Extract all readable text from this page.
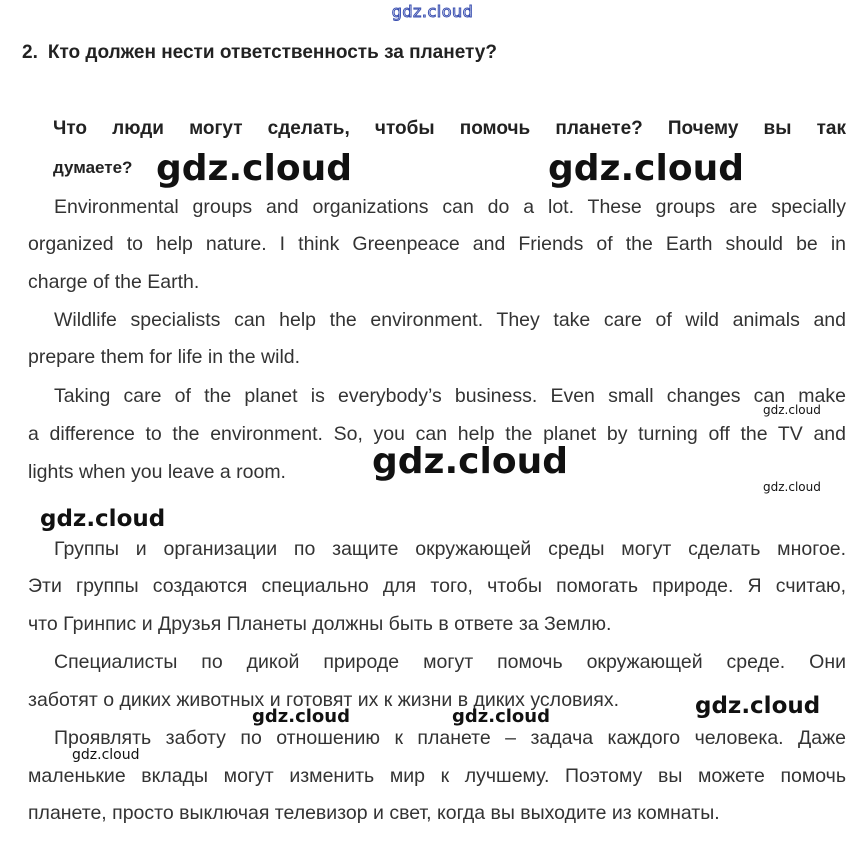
gdz.cloud
2. Кто должен нести ответственность за планету?
Что люди могут сделать, чтобы помочь планете? Почему вы так
думаете?
Environmental groups and organizations can do a lot. These groups are specially
organized to help nature. I think Greenpeace and Friends of the Earth should be in
charge of the Earth.
Wildlife specialists can help the environment. They take care of wild animals and
prepare them for life in the wild.
Taking care of the planet is everybody’s business. Even small changes can make
a difference to the environment. So, you can help the planet by turning off the TV and
lights when you leave a room.
Группы и организации по защите окружающей среды могут сделать многое.
Эти группы создаются специально для того, чтобы помогать природе. Я считаю,
что Гринпис и Друзья Планеты должны быть в ответе за Землю.
Специалисты по дикой природе могут помочь окружающей среде. Они
заботят о диких животных и готовят их к жизни в диких условиях.
Проявлять заботу по отношению к планете – задача каждого человека. Даже
маленькие вклады могут изменить мир к лучшему. Поэтому вы можете помочь
планете, просто выключая телевизор и свет, когда вы выходите из комнаты.
gdz.cloud	gdz.cloud
gdz.cloud
gdz.cloud
gdz.cloud
gdz.cloud
gdz.cloud
gdz.cloud	gdz.cloud
gdz.cloud
